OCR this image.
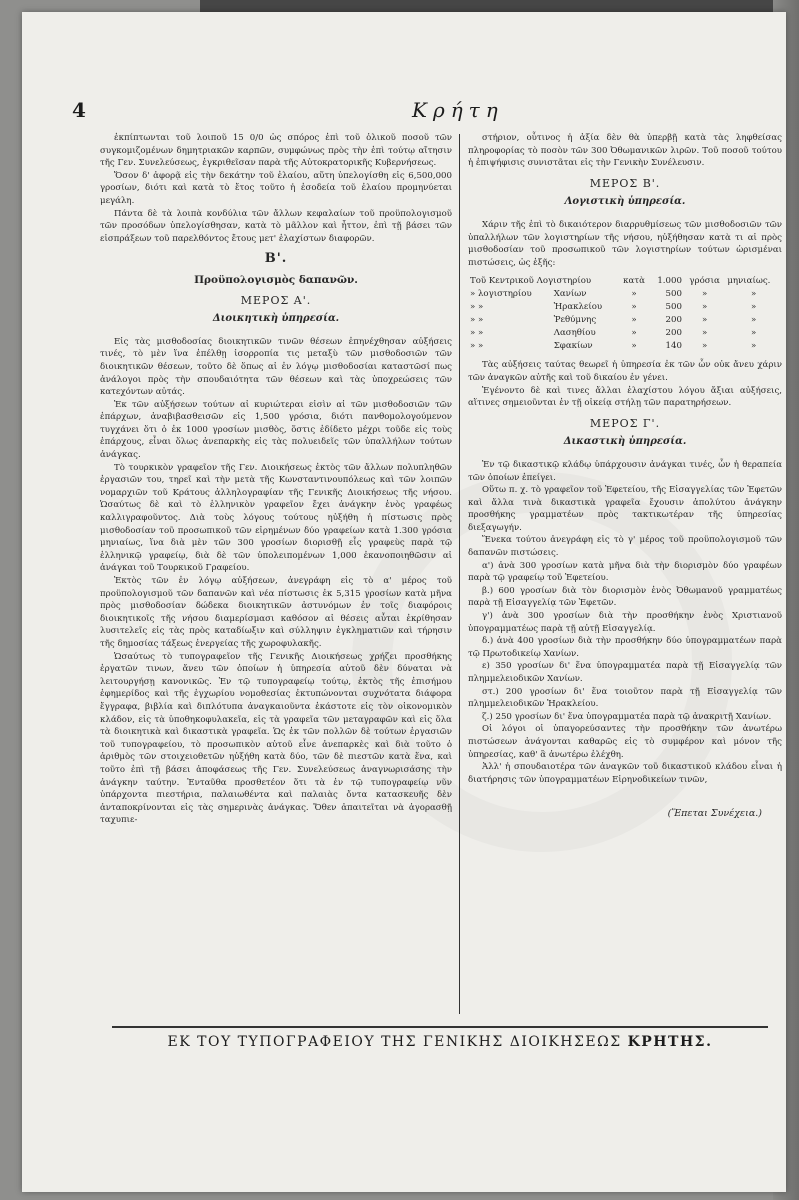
4	Κρήτη

ἐκπίπτωνται τοῦ λοιποῦ 15 0/0 ὡς σπόρος ἐπὶ τοῦ ὁλικοῦ ποσοῦ τῶν συγκομιζομένων δημητριακῶν καρπῶν, συμφώνως πρὸς τὴν ἐπὶ τούτῳ αἴτησιν τῆς Γεν. Συνελεύσεως, ἐγκριθεῖσαν παρὰ τῆς Αὐτοκρατορικῆς Κυβερνήσεως.

Ὅσον δ' ἀφορᾷ εἰς τὴν δεκάτην τοῦ ἐλαίου, αὕτη ὑπελογίσθη εἰς 6,500,000 γροσίων, διότι καὶ κατὰ τὸ ἔτος τοῦτο ἡ ἐσοδεία τοῦ ἐλαίου προμηνύεται μεγάλη.

Πάντα δὲ τὰ λοιπὰ κονδύλια τῶν ἄλλων κεφαλαίων τοῦ προϋπολογισμοῦ τῶν προσόδων ὑπελογίσθησαν, κατὰ τὸ μᾶλλον καὶ ἧττον, ἐπὶ τῇ βάσει τῶν εἰσπράξεων τοῦ παρελθόντος ἔτους μετ' ἐλαχίστων διαφορῶν.

Β'.

Προϋπολογισμὸς δαπανῶν.

ΜΕΡΟΣ Α'.

Διοικητικὴ ὑπηρεσία.

Εἰς τὰς μισθοδοσίας διοικητικῶν τινῶν θέσεων ἐπηνέχθησαν αὐξήσεις τινές, τὸ μὲν ἵνα ἐπέλθῃ ἰσορροπία τις μεταξὺ τῶν μισθοδοσιῶν τῶν διοικητικῶν θέσεων, τοῦτο δὲ ὅπως αἱ ἐν λόγῳ μισθοδοσίαι καταστῶσί πως ἀνάλογοι πρὸς τὴν σπουδαιότητα τῶν θέσεων καὶ τὰς ὑποχρεώσεις τῶν κατεχόντων αὐτάς.

Ἐκ τῶν αὐξήσεων τούτων αἱ κυριώτεραι εἰσὶν αἱ τῶν μισθοδοσιῶν τῶν ἐπάρχων, ἀναβιβασθεισῶν εἰς 1,500 γρόσια, διότι πανθομολογούμενον τυγχάνει ὅτι ὁ ἐκ 1000 γροσίων μισθὸς, ὅστις ἐδίδετο μέχρι τοῦδε εἰς τοὺς ἐπάρχους, εἶναι ὅλως ἀνεπαρκὴς εἰς τὰς πολυειδεῖς τῶν ὑπαλλήλων τούτων ἀνάγκας.

Τὸ τουρκικὸν γραφεῖον τῆς Γεν. Διοικήσεως ἐκτὸς τῶν ἄλλων πολυπληθῶν ἐργασιῶν του, τηρεῖ καὶ τὴν μετὰ τῆς Κωνσταντινουπόλεως καὶ τῶν λοιπῶν νομαρχιῶν τοῦ Κράτους ἀλληλογραφίαν τῆς Γενικῆς Διοικήσεως τῆς νήσου. Ὡσαύτως δὲ καὶ τὸ ἑλληνικὸν γραφεῖον ἔχει ἀνάγκην ἑνὸς γραφέως καλλιγραφοῦντος. Διὰ τοὺς λόγους τούτους ηὐξήθη ἡ πίστωσις πρὸς μισθοδοσίαν τοῦ προσωπικοῦ τῶν εἰρημένων δύο γραφείων κατὰ 1.300 γρόσια μηνιαίως, ἵνα διὰ μὲν τῶν 300 γροσίων διορισθῇ εἷς γραφεὺς παρὰ τῷ ἑλληνικῷ γραφείῳ, διὰ δὲ τῶν ὑπολειπομένων 1,000 ἐκανοποιηθῶσιν αἱ ἀνάγκαι τοῦ Τουρκικοῦ Γραφείου.

Ἐκτὸς τῶν ἐν λόγῳ αὐξήσεων, ἀνεγράφη εἰς τὸ α' μέρος τοῦ προϋπολογισμοῦ τῶν δαπανῶν καὶ νέα πίστωσις ἐκ 5,315 γροσίων κατὰ μῆνα πρὸς μισθοδοσίαν δώδεκα διοικητικῶν ἀστυνόμων ἐν τοῖς διαφόροις διοικητικοῖς τῆς νήσου διαμερίσμασι καθόσον αἱ θέσεις αὗται ἐκρίθησαν λυσιτελεῖς εἰς τὰς πρὸς καταδίωξιν καὶ σύλληψιν ἐγκληματιῶν καὶ τήρησιν τῆς δημοσίας τάξεως ἐνεργείας τῆς χωροφυλακῆς.

Ὡσαύτως τὸ τυπογραφεῖον τῆς Γενικῆς Διοικήσεως χρήζει προσθήκης ἐργατῶν τινων, ἄνευ τῶν ὁποίων ἡ ὑπηρεσία αὐτοῦ δὲν δύναται νὰ λειτουργήσῃ κανονικῶς. Ἐν τῷ τυπογραφείῳ τούτῳ, ἐκτὸς τῆς ἐπισήμου ἐφημερίδος καὶ τῆς ἐγχωρίου νομοθεσίας ἐκτυπώνονται συχνότατα διάφορα ἔγγραφα, βιβλία καὶ διπλότυπα ἀναγκαιοῦντα ἑκάστοτε εἰς τὸν οἰκονομικὸν κλάδον, εἰς τὰ ὑποθηκοφυλακεῖα, εἰς τὰ γραφεῖα τῶν μεταγραφῶν καὶ εἰς ὅλα τὰ διοικητικὰ καὶ δικαστικὰ γραφεῖα. Ὡς ἐκ τῶν πολλῶν δὲ τούτων ἐργασιῶν τοῦ τυπογραφείου, τὸ προσωπικὸν αὐτοῦ εἶνε ἀνεπαρκὲς καὶ διὰ τοῦτο ὁ ἀριθμὸς τῶν στοιχειοθετῶν ηὐξήθη κατὰ δύο, τῶν δὲ πιεστῶν κατὰ ἕνα, καὶ τοῦτο ἐπὶ τῇ βάσει ἀποφάσεως τῆς Γεν. Συνελεύσεως ἀναγνωρισάσης τὴν ἀνάγκην ταύτην. Ἐνταῦθα προσθετέον ὅτι τὰ ἐν τῷ τυπογραφείῳ νῦν ὑπάρχοντα πιεστήρια, παλαιωθέντα καὶ παλαιὰς ὄντα κατασκευῆς δὲν ἀνταποκρίνονται εἰς τὰς σημερινὰς ἀνάγκας. Ὅθεν ἀπαιτεῖται νὰ ἀγορασθῇ ταχυπιε-

στήριον, οὗτινος ἡ ἀξία δὲν θὰ ὑπερβῇ κατὰ τὰς ληφθείσας πληροφορίας τὸ ποσὸν τῶν 300 Ὀθωμανικῶν λιρῶν. Τοῦ ποσοῦ τούτου ἡ ἐπιψήφισις συνιστᾶται εἰς τὴν Γενικὴν Συνέλευσιν.

ΜΕΡΟΣ Β'.

Λογιστικὴ ὑπηρεσία.

Χάριν τῆς ἐπὶ τὸ δικαιότερον διαρρυθμίσεως τῶν μισθοδοσιῶν τῶν ὑπαλλήλων τῶν λογιστηρίων τῆς νήσου, ηὐξήθησαν κατὰ τι αἱ πρὸς μισθοδοσίαν τοῦ προσωπικοῦ τῶν λογιστηρίων τούτων ὡρισμέναι πιστώσεις, ὡς ἑξῆς:

Τοῦ Κεντρικοῦ Λογιστηρίου		κατὰ	1.000	γρόσια	μηνιαίως.
» λογιστηρίου	Χανίων	»	500	»	»
» »	Ἡρακλείου	»	500	»	»
» »	Ῥεθύμνης	»	200	»	»
» »	Λασηθίου	»	200	»	»
» »	Σφακίων	»	140	»	»

Τὰς αὐξήσεις ταύτας θεωρεῖ ἡ ὑπηρεσία ἐκ τῶν ὧν οὐκ ἄνευ χάριν τῶν ἀναγκῶν αὐτῆς καὶ τοῦ δικαίου ἐν γένει.

Ἐγένοντο δὲ καὶ τινες ἄλλαι ἐλαχίστου λόγου ἄξιαι αὐξήσεις, αἵτινες σημειοῦνται ἐν τῇ οἰκείᾳ στήλῃ τῶν παρατηρήσεων.

ΜΕΡΟΣ Γ'.

Δικαστικὴ ὑπηρεσία.

Ἐν τῷ δικαστικῷ κλάδῳ ὑπάρχουσιν ἀνάγκαι τινές, ὧν ἡ θεραπεία τῶν ὁποίων ἐπείγει.

Οὕτω π. χ. τὸ γραφεῖον τοῦ Ἐφετείου, τῆς Εἰσαγγελίας τῶν Ἐφετῶν καὶ ἄλλα τινὰ δικαστικὰ γραφεῖα ἔχουσιν ἀπολύτου ἀνάγκην προσθήκης γραμματέων πρὸς τακτικωτέραν τῆς ὑπηρεσίας διεξαγωγήν.

Ἕνεκα τούτου ἀνεγράφη εἰς τὸ γ' μέρος τοῦ προϋπολογισμοῦ τῶν δαπανῶν πιστώσεις.

α') ἀνὰ 300 γροσίων κατὰ μῆνα διὰ τὴν διορισμὸν δύο γραφέων παρὰ τῷ γραφείῳ τοῦ Ἐφετείου.

β.) 600 γροσίων διὰ τὸν διορισμὸν ἑνὸς Ὀθωμανοῦ γραμματέως παρὰ τῇ Εἰσαγγελίᾳ τῶν Ἐφετῶν.

γ') ἀνὰ 300 γροσίων διὰ τὴν προσθήκην ἑνὸς Χριστιανοῦ ὑπογραμματέως παρὰ τῇ αὐτῇ Εἰσαγγελίᾳ.

δ.) ἀνὰ 400 γροσίων διὰ τὴν προσθήκην δύο ὑπογραμματέων παρὰ τῷ Πρωτοδικείῳ Χανίων.

ε) 350 γροσίων δι' ἕνα ὑπογραμματέα παρὰ τῇ Εἰσαγγελίᾳ τῶν πλημμελειοδικῶν Χανίων.

στ.) 200 γροσίων δι' ἕνα τοιοῦτον παρὰ τῇ Εἰσαγγελίᾳ τῶν πλημμελειοδικῶν Ἡρακλείου.

ζ.) 250 γροσίων δι' ἕνα ὑπογραμματέα παρὰ τῷ ἀνακριτῇ Χανίων.

Οἱ λόγοι οἱ ὑπαγορεύσαντες τὴν προσθήκην τῶν ἀνωτέρω πιστώσεων ἀνάγονται καθαρῶς εἰς τὸ συμφέρον καὶ μόνον τῆς ὑπηρεσίας, καθ' ἃ ἀνωτέρω ἐλέχθη.

Ἀλλ' ἡ σπουδαιοτέρα τῶν ἀναγκῶν τοῦ δικαστικοῦ κλάδου εἶναι ἡ διατήρησις τῶν ὑπογραμματέων Εἰρηνοδικείων τινῶν,

(Ἕπεται Συνέχεια.)

ΕΚ ΤΟΥ ΤΥΠΟΓΡΑΦΕΙΟΥ ΤΗΣ ΓΕΝΙΚΗΣ ΔΙΟΙΚΗΣΕΩΣ ΚΡΗΤΗΣ.
